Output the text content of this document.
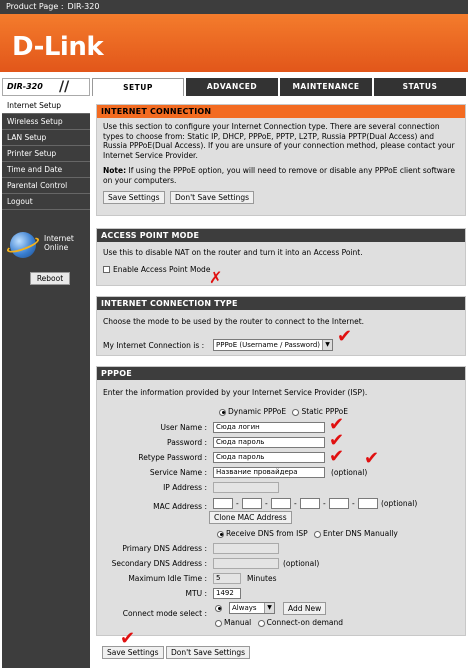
Product Page : DIR-320
D-Link
DIR-320 //	SETUP	ADVANCED	MAINTENANCE	STATUS
Internet Setup
Wireless Setup
LAN Setup
Printer Setup
Time and Date
Parental Control
Logout
Internet
Online
Reboot
INTERNET CONNECTION
Use this section to configure your Internet Connection type. There are several connection types to choose from: Static IP, DHCP, PPPoE, PPTP, L2TP, Russia PPTP(Dual Access) and Russia PPPoE(Dual Access). If you are unsure of your connection method, please contact your Internet Service Provider.
Note: If using the PPPoE option, you will need to remove or disable any PPPoE client software on your computers.
Save Settings Don't Save Settings
ACCESS POINT MODE
Use this to disable NAT on the router and turn it into an Access Point.
Enable Access Point Mode
✗
INTERNET CONNECTION TYPE
Choose the mode to be used by the router to connect to the Internet.
My Internet Connection is :	PPPoE (Username / Password) ▼ ✔
PPPOE
Enter the information provided by your Internet Service Provider (ISP).
Dynamic PPPoE Static PPPoE
User Name :	Сюда логин
Password :	Сюда пароль
Retype Password :	Сюда пароль
Service Name :	Название провайдера	(optional)
IP Address :
MAC Address :	-	-	-	-	-	(optional)
Clone MAC Address
Receive DNS from ISP Enter DNS Manually
Primary DNS Address :
Secondary DNS Address :	(optional)
Maximum Idle Time :	5	Minutes
MTU :	1492
Connect mode select :
Always	▼	Add New
Manual Connect-on demand
✔
✔
✔ ✔
Save Settings	Don't Save Settings
✔
